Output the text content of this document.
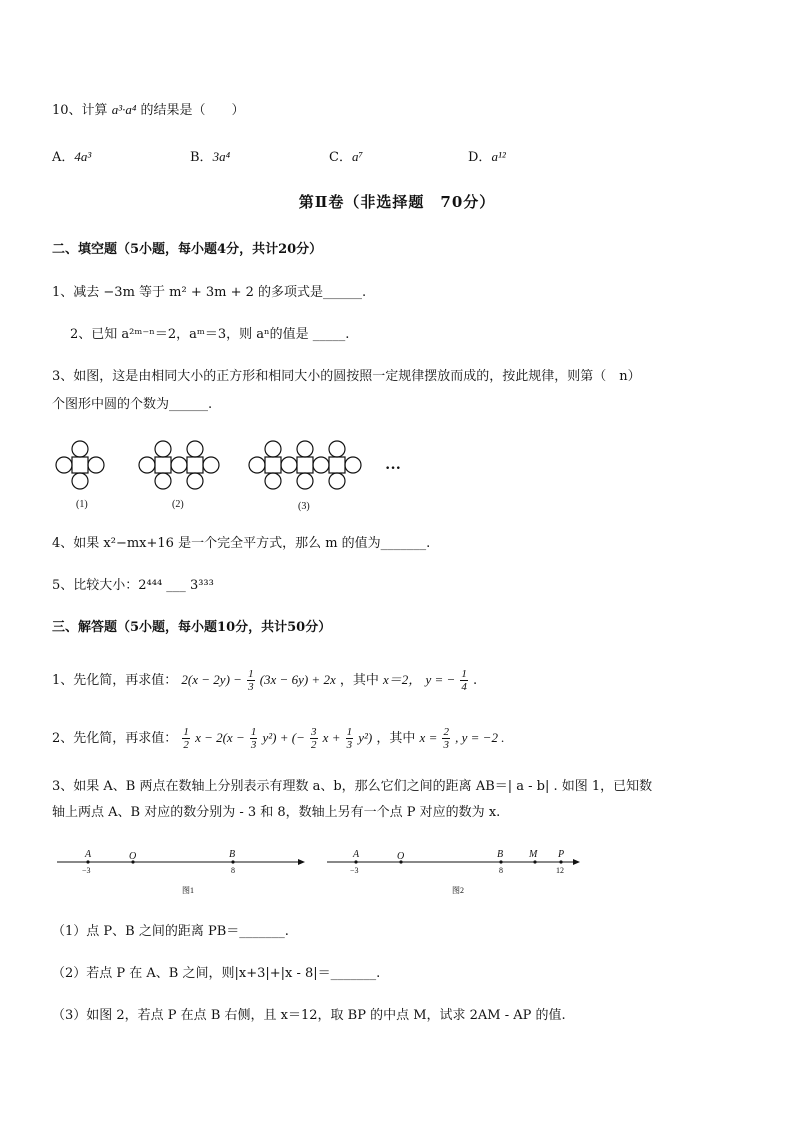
10、计算 a³·a⁴ 的结果是（　　）
A．4a³	B．3a⁴	C．a⁷	D．a¹²
第Ⅱ卷（非选择题　70分）
二、填空题（5小题，每小题4分，共计20分）
1、减去 −3m 等于 m² + 3m + 2 的多项式是______.
2、已知 a²ᵐ⁻ⁿ＝2，aᵐ＝3，则 aⁿ的值是 _____.
3、如图，这是由相同大小的正方形和相同大小的圆按照一定规律摆放而成的，按此规律，则第（　n）
个图形中圆的个数为______.
(1)	(2)	(3)
···
4、如果 x²−mx+16 是一个完全平方式，那么 m 的值为_______.
5、比较大小：2⁴⁴⁴ ___ 3³³³
三、解答题（5小题，每小题10分，共计50分）
1、先化简，再求值： $2(x - 2y) - \frac{1}{3} (3x - 6y) + 2x$ ，其中 x＝2， y = − $\frac{1}{4}$ .
2、先化简，再求值： $\frac{1}{2}$ $x - 2(x - \frac{1}{3} y^2)$ + (− $\frac{3}{2}$ $x + \frac{1}{3} y^2$) ，其中 $x = \frac{2}{3}$ , y = −2 .
3、如果 A、B 两点在数轴上分别表示有理数 a、b，那么它们之间的距离 AB＝| a - b| . 如图 1，已知数
轴上两点 A、B 对应的数分别为 - 3 和 8，数轴上另有一个点 P 对应的数为 x.
A	O	B
−3	8
图1
A	O	B	M P
−3	8	12
图2
（1）点 P、B 之间的距离 PB＝_______.
（2）若点 P 在 A、B 之间，则|x+3|+|x - 8|＝_______.
（3）如图 2，若点 P 在点 B 右侧，且 x＝12，取 BP 的中点 M，试求 2AM - AP 的值.
